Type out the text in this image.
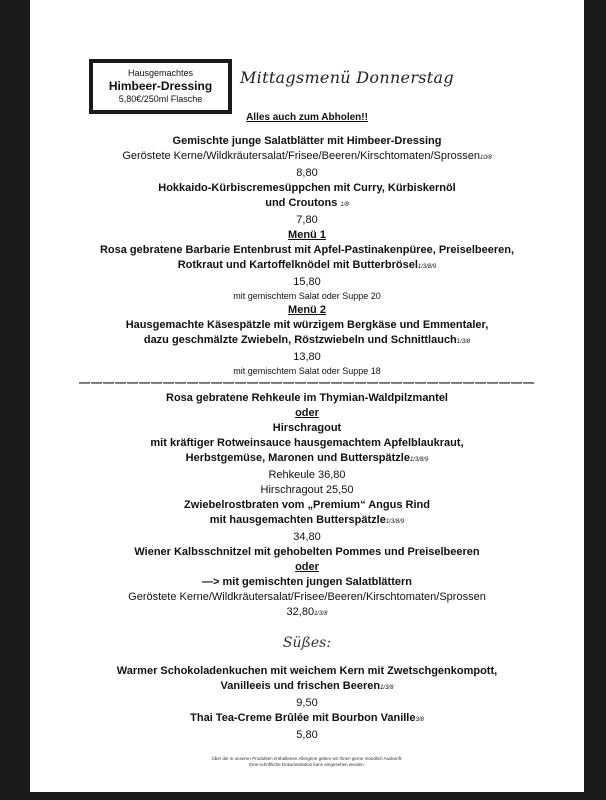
Hausgemachtes
Himbeer-Dressing
5,80€/250ml Flasche
Mittagsmenü Donnerstag
Alles auch zum Abholen!!
Gemischte junge Salatblätter mit Himbeer-Dressing
Geröstete Kerne/Wildkräutersalat/Frisee/Beeren/Kirschtomaten/Sprossen10/8
8,80
Hokkaido-Kürbiscremesüppchen mit Curry, Kürbiskernöl
und Croutons 1/8
7,80
Menü 1
Rosa gebratene Barbarie Entenbrust mit Apfel-Pastinakenpüree, Preiselbeeren,
Rotkraut und Kartoffelknödel mit Butterbrösel1/3/8/9
15,80
mit gemischtem Salat oder Suppe 20
Menü 2
Hausgemachte Käsespätzle mit würzigem Bergkäse und Emmentaler,
dazu geschmälzte Zwiebeln, Röstzwiebeln und Schnittlauch1/3/8
13,80
mit gemischtem Salat oder Suppe 18
——————————————————————————————————————
Rosa gebratene Rehkeule im Thymian-Waldpilzmantel
oder
Hirschragout
mit kräftiger Rotweinsauce hausgemachtem Apfelblaukraut,
Herbstgemüse, Maronen und Butterspätzle1/3/8/9
Rehkeule 36,80
Hirschragout 25,50
Zwiebelrostbraten vom „Premium“ Angus Rind
mit hausgemachten Butterspätzle1/3/8/9
34,80
Wiener Kalbsschnitzel mit gehobelten Pommes und Preiselbeeren
oder
—> mit gemischten jungen Salatblättern
Geröstete Kerne/Wildkräutersalat/Frisee/Beeren/Kirschtomaten/Sprossen
32,801/3/8
Süßes:
Warmer Schokoladenkuchen mit weichem Kern mit Zwetschgenkompott,
Vanilleeis und frischen Beeren1/3/8
9,50
Thai Tea-Creme Brûlée mit Bourbon Vanille3/8
5,80
Über die in unseren Produkten enthaltenen Allergene geben wir Ihnen gerne mündlich Auskunft.
Eine schriftliche Dokumentation kann eingesehen werden.
